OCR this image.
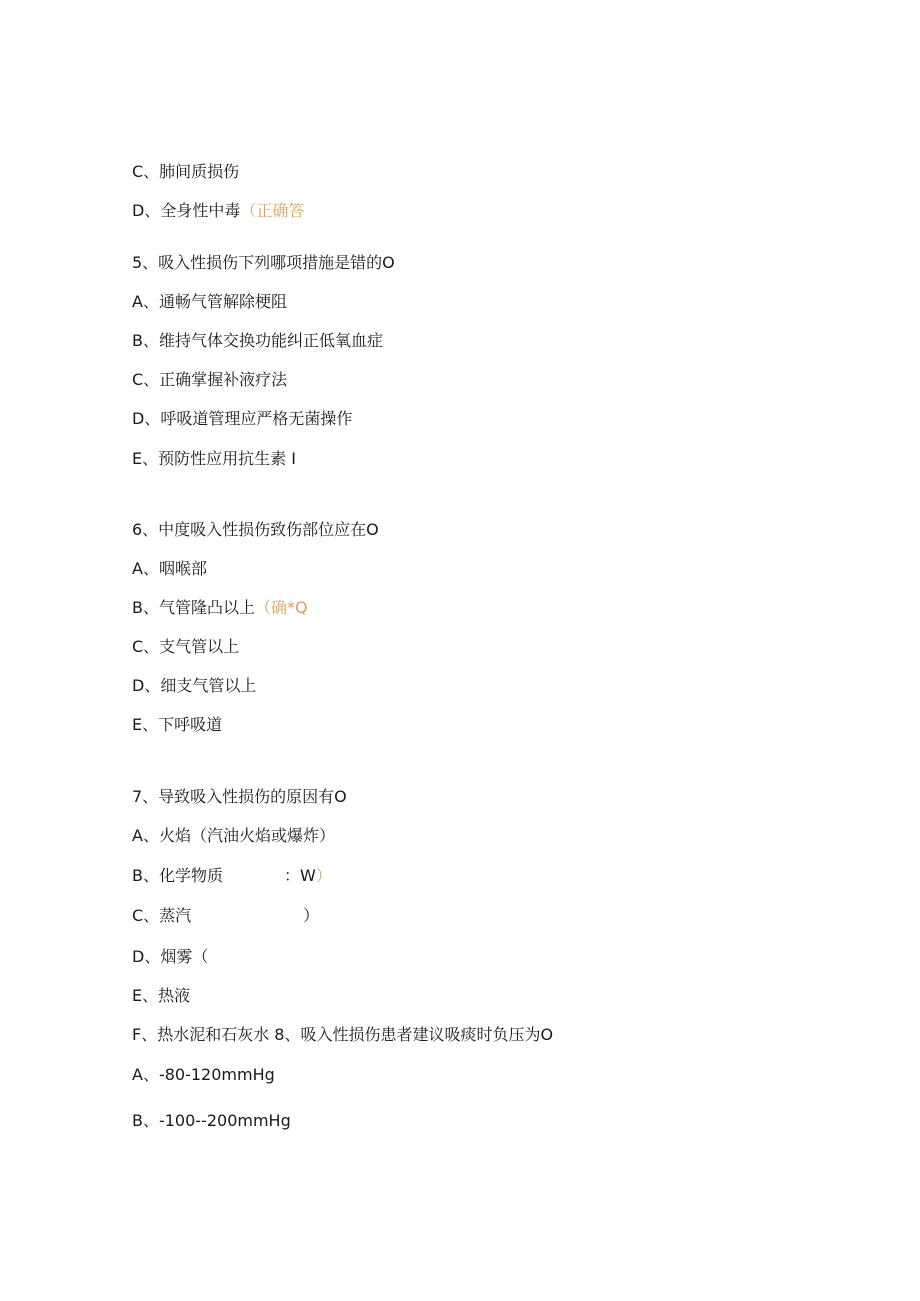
C、肺间质损伤
D、全身性中毒（正确答
5、吸入性损伤下列哪项措施是错的O
A、通畅气管解除梗阻
B、维持气体交换功能纠正低氧血症
C、正确掌握补液疗法
D、呼吸道管理应严格无菌操作
E、预防性应用抗生素 I
6、中度吸入性损伤致伤部位应在O
A、咽喉部
B、气管隆凸以上（确*Q
C、支气管以上
D、细支气管以上
E、下呼吸道
7、导致吸入性损伤的原因有O
A、火焰（汽油火焰或爆炸）
B、化学物质            ：W）
C、蒸汽                      ）
D、烟雾（
E、热液
F、热水泥和石灰水 8、吸入性损伤患者建议吸痰时负压为O
A、-80-120mmHg
B、-100--200mmHg
